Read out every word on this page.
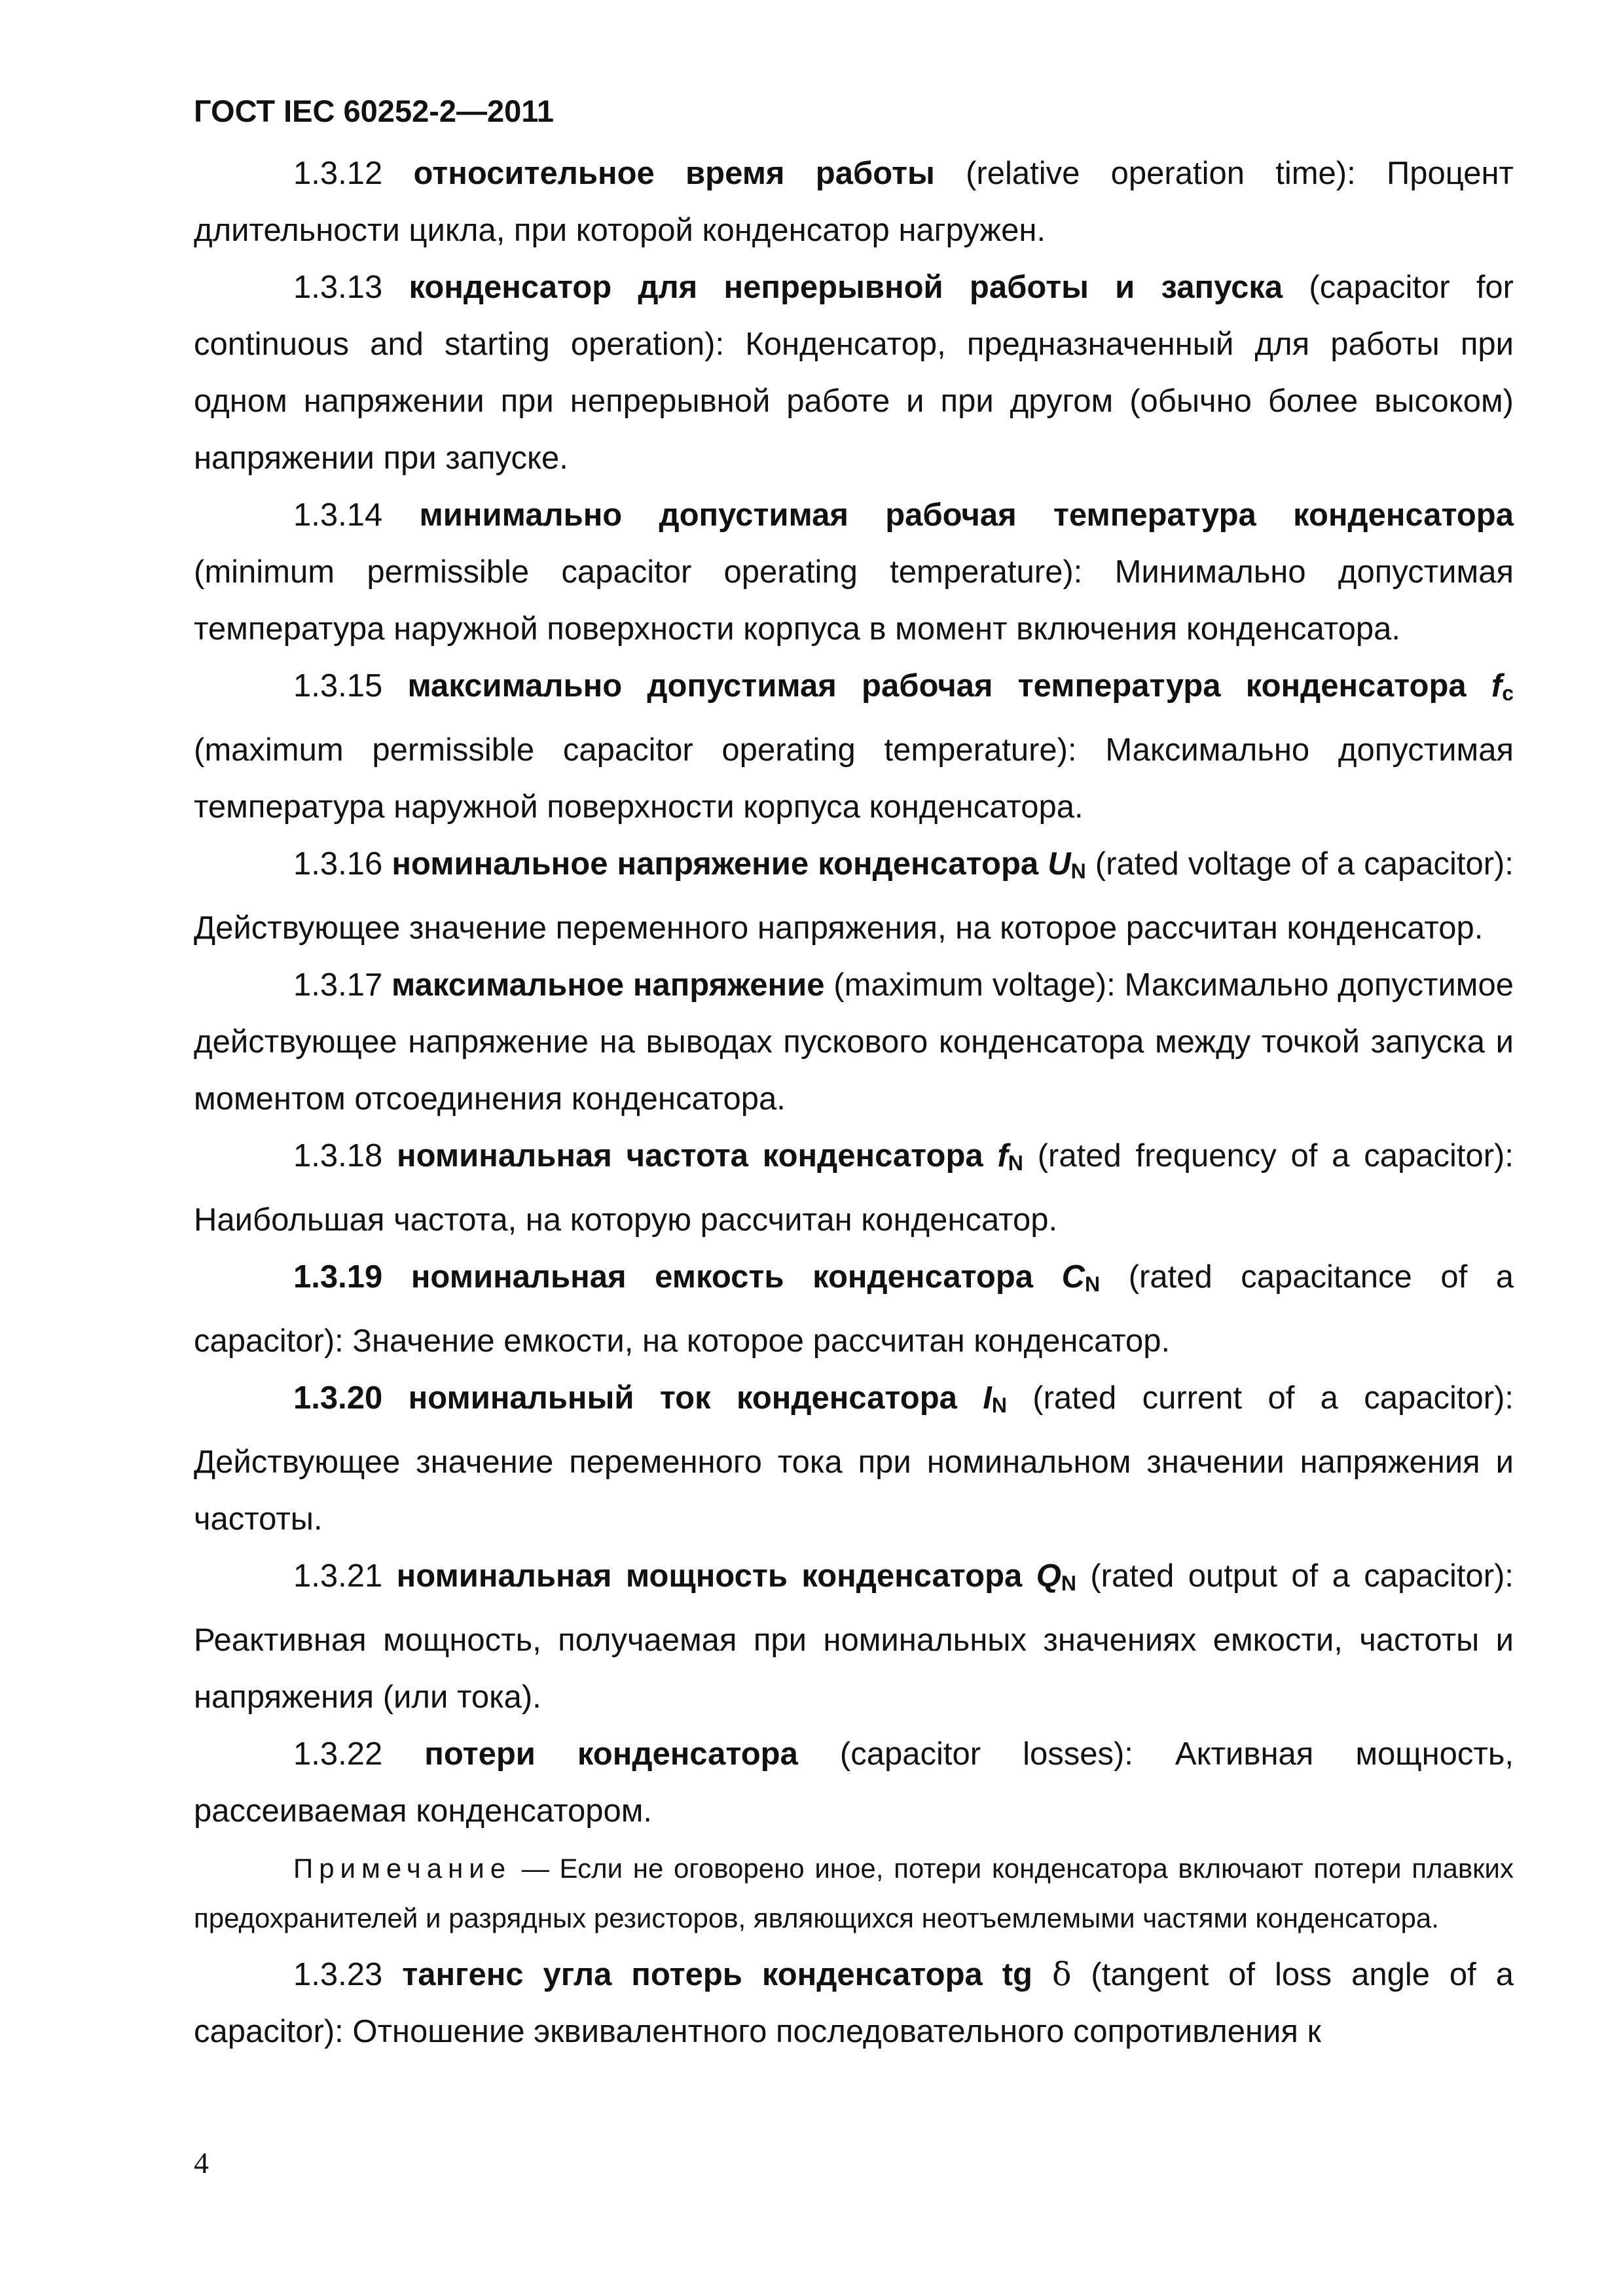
ГОСТ IEC 60252-2—2011

1.3.12 относительное время работы (relative operation time): Процент длительности цикла, при которой конденсатор нагружен.

1.3.13 конденсатор для непрерывной работы и запуска (capacitor for continuous and starting operation): Конденсатор, предназначенный для работы при одном напряжении при непрерывной работе и при другом (обычно более высоком) напряжении при запуске.

1.3.14 минимально допустимая рабочая температура конденсатора (minimum permissible capacitor operating temperature): Минимально допустимая температура наружной поверхности корпуса в момент включения конденсатора.

1.3.15 максимально допустимая рабочая температура конденсатора $f_c$ (maximum permissible capacitor operating temperature): Максимально допустимая температура наружной поверхности корпуса конденсатора.

1.3.16 номинальное напряжение конденсатора $U_N$ (rated voltage of a capacitor): Действующее значение переменного напряжения, на которое рассчитан конденсатор.

1.3.17 максимальное напряжение (maximum voltage): Максимально допустимое действующее напряжение на выводах пускового конденсатора между точкой запуска и моментом отсоединения конденсатора.

1.3.18 номинальная частота конденсатора $f_N$ (rated frequency of a capacitor): Наибольшая частота, на которую рассчитан конденсатор.

1.3.19 номинальная емкость конденсатора $C_N$ (rated capacitance of a capacitor): Значение емкости, на которое рассчитан конденсатор.

1.3.20 номинальный ток конденсатора $I_N$ (rated current of a capacitor): Действующее значение переменного тока при номинальном значении напряжения и частоты.

1.3.21 номинальная мощность конденсатора $Q_N$ (rated output of a capacitor): Реактивная мощность, получаемая при номинальных значениях емкости, частоты и напряжения (или тока).

1.3.22 потери конденсатора (capacitor losses): Активная мощность, рассеиваемая конденсатором.

Примечание — Если не оговорено иное, потери конденсатора включают потери плавких предохранителей и разрядных резисторов, являющихся неотъемлемыми частями конденсатора.

1.3.23 тангенс угла потерь конденсатора tg δ (tangent of loss angle of a capacitor): Отношение эквивалентного последовательного сопротивления к

4
